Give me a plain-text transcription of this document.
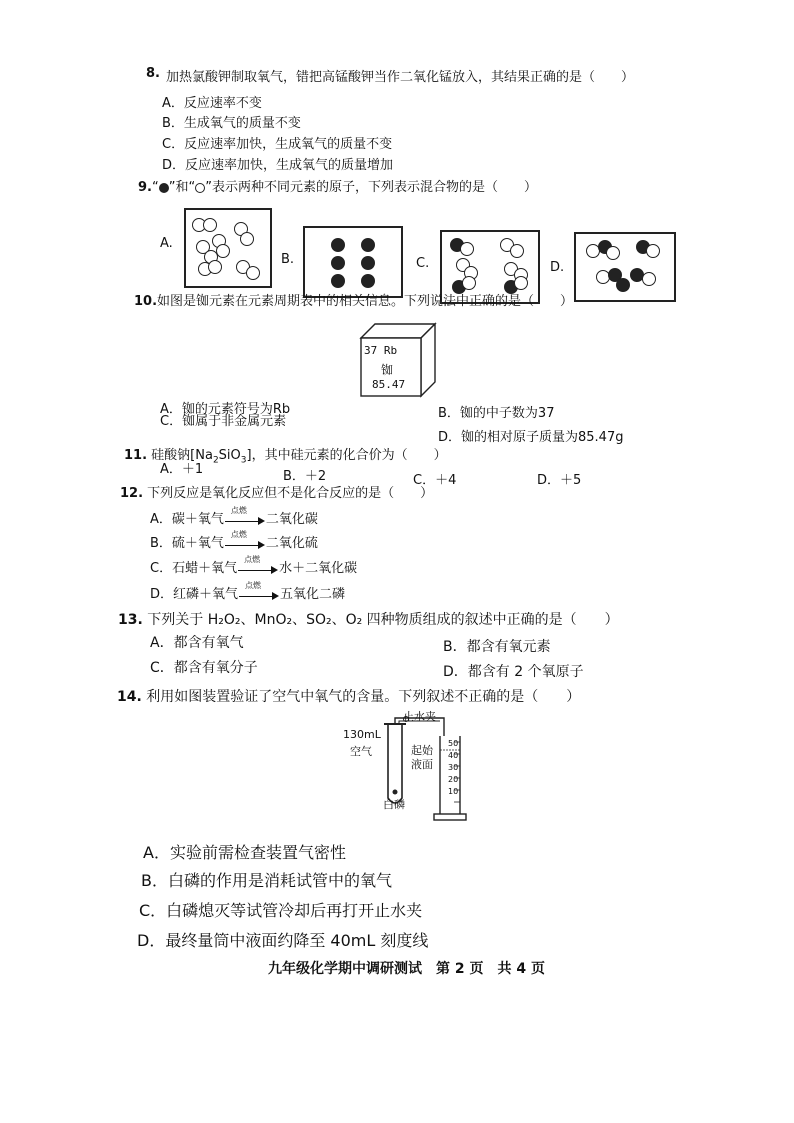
8. 加热氯酸钾制取氧气，错把高锰酸钾当作二氧化锰放入，其结果正确的是（　　）
A．反应速率不变
B．生成氧气的质量不变
C．反应速率加快，生成氧气的质量不变
D．反应速率加快，生成氧气的质量增加
9.“ ”和“ ”表示两种不同元素的原子，下列表示混合物的是（　　）
A.
B.	C.	D.
10.如图是铷元素在元素周期表中的相关信息。下列说法中正确的是（　　）
37 Rb
铷
85.47
A．铷的元素符号为Rb	B．铷的中子数为37
C．铷属于非金属元素
D．铷的相对原子质量为85.47g
11. 硅酸钠$[Na_2SiO_3]$，其中硅元素的化合价为（　　）
A．＋1	B．＋2	C．＋4	D．＋5
12. 下列反应是氧化反应但不是化合反应的是（　　）
A．碳＋氧气
点燃
二氧化碳
B．硫＋氧气
点燃
二氧化硫
C．石蜡＋氧气
点燃
水＋二氧化碳
D．红磷＋氧气
点燃
五氧化二磷
13. 下列关于 H₂O₂、MnO₂、SO₂、O₂ 四种物质组成的叙述中正确的是（　　）
A．都含有氧气	B．都含有氧元素
C．都含有氧分子	D．都含有 2 个氧原子
14. 利用如图装置验证了空气中氧气的含量。下列叙述不正确的是（　　）
止水夹
130mL
空气	起始
液面
白磷
50
40
30
20
10
A．实验前需检查装置气密性
B．白磷的作用是消耗试管中的氧气
C．白磷熄灭等试管冷却后再打开止水夹
D．最终量筒中液面约降至 40mL 刻度线
九年级化学期中调研测试　第 2 页　共 4 页
